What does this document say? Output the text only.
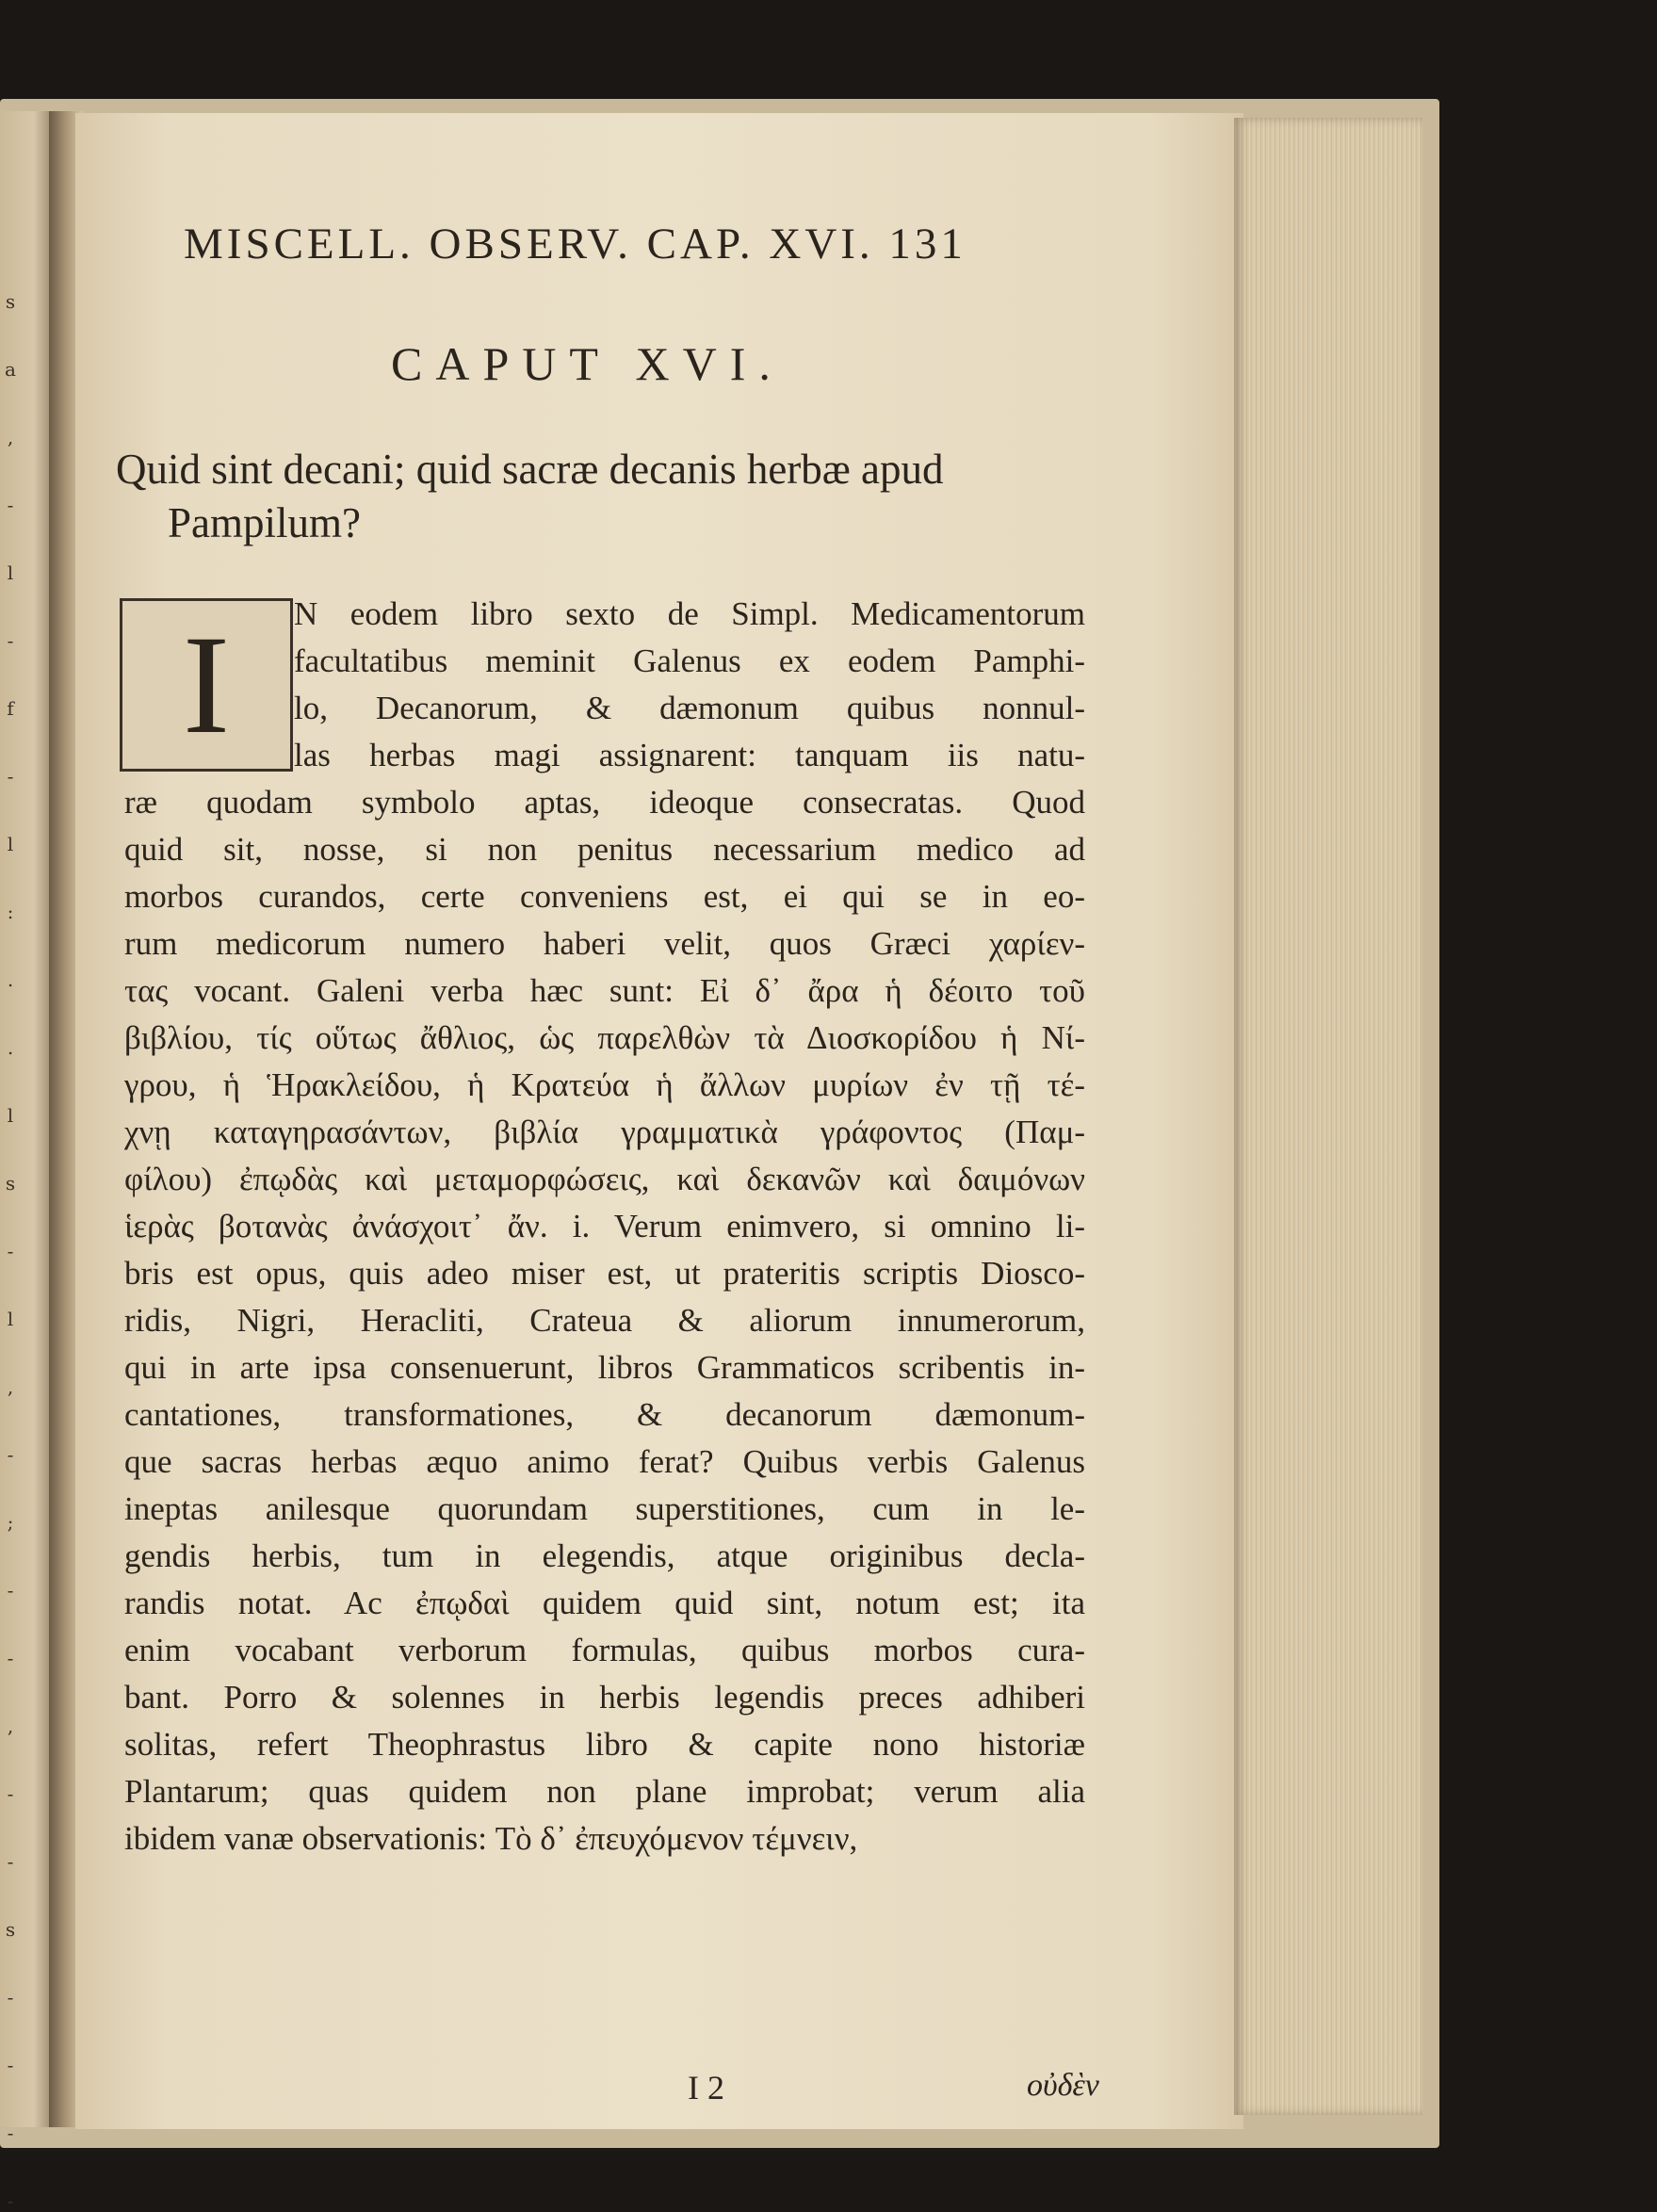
s
a
,
-
l
-
f
-
l
:
.
.
l
s
-
l
,
-
;
-
-
,
-
-
s
-
-
-
-
MISCELL. OBSERV. CAP. XVI. 131
CAPUT XVI.
Quid sint decani; quid sacræ decanis herbæ apud
Pampilum?
I	N eodem libro sexto de Simpl. Medicamentorum
facultatibus meminit Galenus ex eodem Pamphi-
lo, Decanorum, & dæmonum quibus nonnul-
las herbas magi assignarent: tanquam iis natu-
ræ quodam symbolo aptas, ideoque consecratas. Quod
quid sit, nosse, si non penitus necessarium medico ad
morbos curandos, certe conveniens est, ei qui se in eo-
rum medicorum numero haberi velit, quos Græci χαρίεν-
τας vocant. Galeni verba hæc sunt: Εἰ δ᾽ ἄρα ἡ δέοιτο τοῦ
βιβλίου, τίς οὕτως ἄθλιος, ὡς παρελθὼν τὰ Διοσκορίδου ἡ Νί-
γρου, ἡ Ἡρακλείδου, ἡ Κρατεύα ἡ ἄλλων μυρίων ἐν τῇ τέ-
χνῃ καταγηρασάντων, βιβλία γραμματικὰ γράφοντος (Παμ-
φίλου) ἐπῳδὰς καὶ μεταμορφώσεις, καὶ δεκανῶν καὶ δαιμόνων
ἱερὰς βοτανὰς ἀνάσχοιτ᾽ ἄν. i. Verum enimvero, si omnino li-
bris est opus, quis adeo miser est, ut prateritis scriptis Diosco-
ridis, Nigri, Heracliti, Crateua & aliorum innumerorum,
qui in arte ipsa consenuerunt, libros Grammaticos scribentis in-
cantationes, transformationes, & decanorum dæmonum-
que sacras herbas æquo animo ferat? Quibus verbis Galenus
ineptas anilesque quorundam superstitiones, cum in le-
gendis herbis, tum in elegendis, atque originibus decla-
randis notat. Ac ἐπῳδαὶ quidem quid sint, notum est; ita
enim vocabant verborum formulas, quibus morbos cura-
bant. Porro & solennes in herbis legendis preces adhiberi
solitas, refert Theophrastus libro & capite nono historiæ
Plantarum; quas quidem non plane improbat; verum alia
ibidem vanæ observationis: Τὸ δ᾽ ἐπευχόμενον τέμνειν,
I 2	οὐδὲν
